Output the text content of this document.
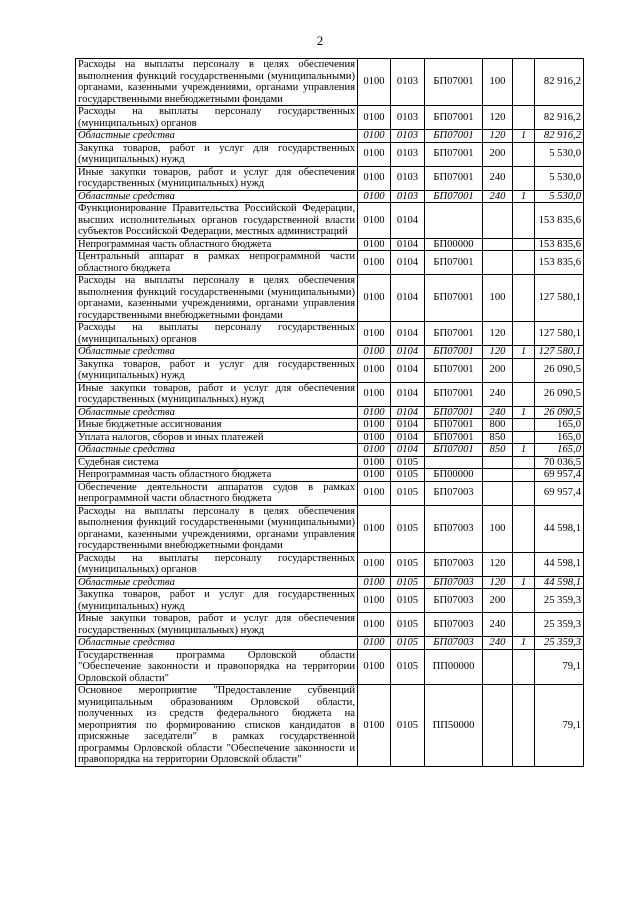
2
Расходы на выплаты персоналу в целях обеспечения выполнения функций государственными (муниципальными) органами, казенными учреждениями, органами управления государственными внебюджетными фондами	0100	0103	БП07001	100		82 916,2
Расходы на выплаты персоналу государственных (муниципальных) органов	0100	0103	БП07001	120		82 916,2
Областные средства	0100	0103	БП07001	120	1	82 916,2
Закупка товаров, работ и услуг для государственных (муниципальных) нужд	0100	0103	БП07001	200		5 530,0
Иные закупки товаров, работ и услуг для обеспечения государственных (муниципальных) нужд	0100	0103	БП07001	240		5 530,0
Областные средства	0100	0103	БП07001	240	1	5 530,0
Функционирование Правительства Российской Федерации, высших исполнительных органов государственной власти субъектов Российской Федерации, местных администраций	0100	0104				153 835,6
Непрограммная часть областного бюджета	0100	0104	БП00000			153 835,6
Центральный аппарат в рамках непрограммной части областного бюджета	0100	0104	БП07001			153 835,6
Расходы на выплаты персоналу в целях обеспечения выполнения функций государственными (муниципальными) органами, казенными учреждениями, органами управления государственными внебюджетными фондами	0100	0104	БП07001	100		127 580,1
Расходы на выплаты персоналу государственных (муниципальных) органов	0100	0104	БП07001	120		127 580,1
Областные средства	0100	0104	БП07001	120	1	127 580,1
Закупка товаров, работ и услуг для государственных (муниципальных) нужд	0100	0104	БП07001	200		26 090,5
Иные закупки товаров, работ и услуг для обеспечения государственных (муниципальных) нужд	0100	0104	БП07001	240		26 090,5
Областные средства	0100	0104	БП07001	240	1	26 090,5
Иные бюджетные ассигнования	0100	0104	БП07001	800		165,0
Уплата налогов, сборов и иных платежей	0100	0104	БП07001	850		165,0
Областные средства	0100	0104	БП07001	850	1	165,0
Судебная система	0100	0105				70 036,5
Непрограммная часть областного бюджета	0100	0105	БП00000			69 957,4
Обеспечение деятельности аппаратов судов в рамках непрограммной части областного бюджета	0100	0105	БП07003			69 957,4
Расходы на выплаты персоналу в целях обеспечения выполнения функций государственными (муниципальными) органами, казенными учреждениями, органами управления государственными внебюджетными фондами	0100	0105	БП07003	100		44 598,1
Расходы на выплаты персоналу государственных (муниципальных) органов	0100	0105	БП07003	120		44 598,1
Областные средства	0100	0105	БП07003	120	1	44 598,1
Закупка товаров, работ и услуг для государственных (муниципальных) нужд	0100	0105	БП07003	200		25 359,3
Иные закупки товаров, работ и услуг для обеспечения государственных (муниципальных) нужд	0100	0105	БП07003	240		25 359,3
Областные средства	0100	0105	БП07003	240	1	25 359,3
Государственная программа Орловской области "Обеспечение законности и правопорядка на территории Орловской области"	0100	0105	ПП00000			79,1
Основное мероприятие "Предоставление субвенций муниципальным образованиям Орловской области, полученных из средств федерального бюджета на мероприятия по формированию списков кандидатов в присяжные заседатели" в рамках государственной программы Орловской области "Обеспечение законности и правопорядка на территории Орловской области"	0100	0105	ПП50000			79,1
